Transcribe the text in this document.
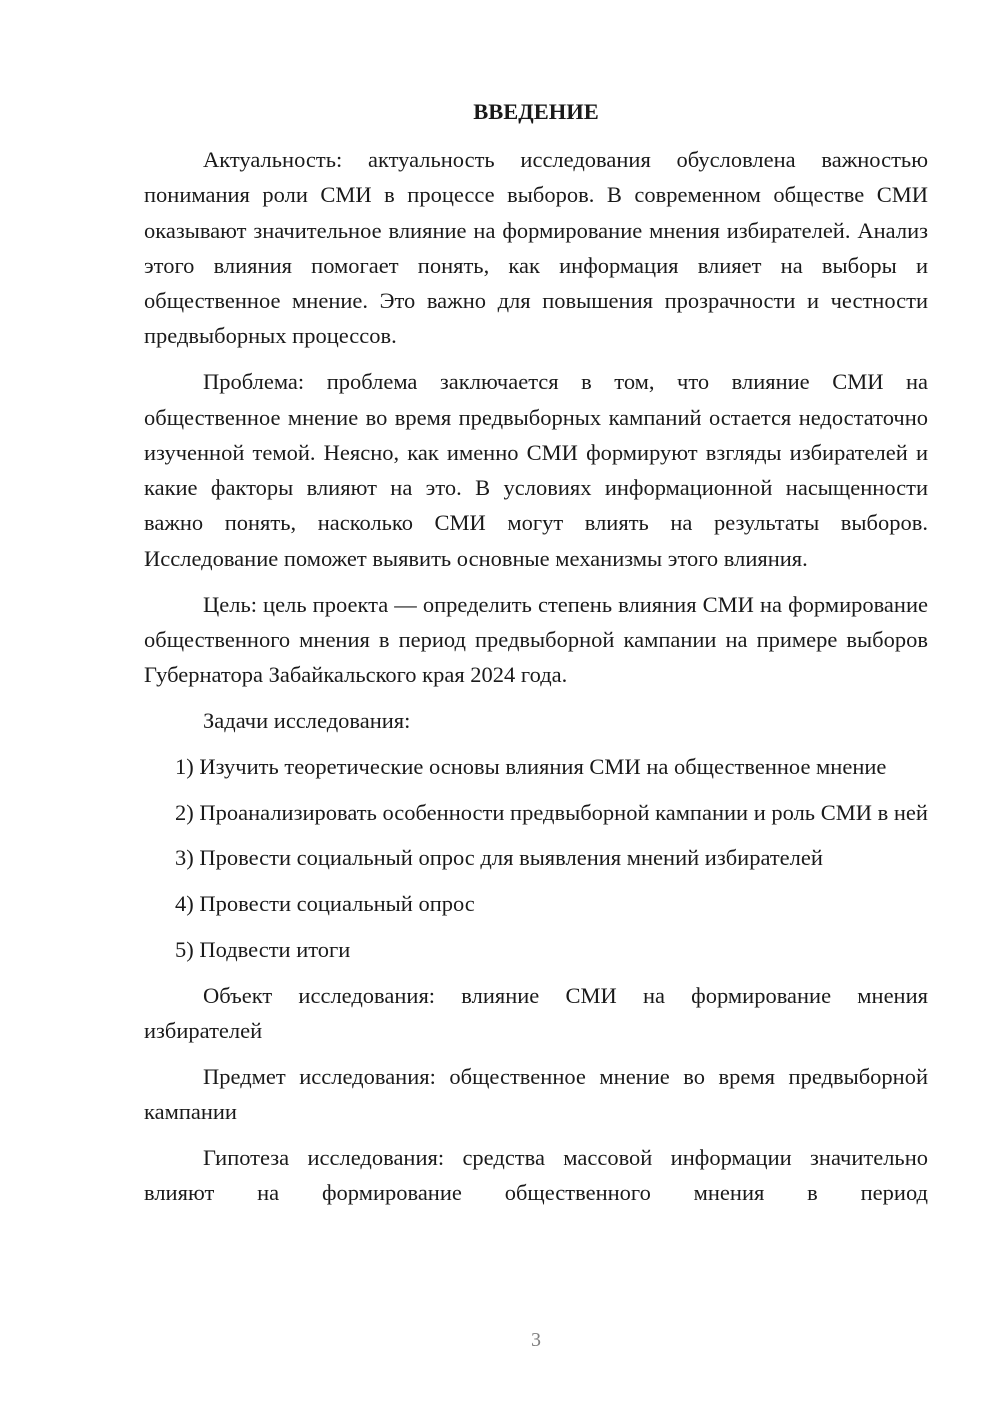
ВВЕДЕНИЕ

Актуальность: актуальность исследования обусловлена важностью понимания роли СМИ в процессе выборов. В современном обществе СМИ оказывают значительное влияние на формирование мнения избирателей. Анализ этого влияния помогает понять, как информация влияет на выборы и общественное мнение. Это важно для повышения прозрачности и честности предвыборных процессов.

Проблема: проблема заключается в том, что влияние СМИ на общественное мнение во время предвыборных кампаний остается недостаточно изученной темой. Неясно, как именно СМИ формируют взгляды избирателей и какие факторы влияют на это. В условиях информационной насыщенности важно понять, насколько СМИ могут влиять на результаты выборов. Исследование поможет выявить основные механизмы этого влияния.

Цель: цель проекта — определить степень влияния СМИ на формирование общественного мнения в период предвыборной кампании на примере выборов Губернатора Забайкальского края 2024 года.

Задачи исследования:

1) Изучить теоретические основы влияния СМИ на общественное мнение

2) Проанализировать особенности предвыборной кампании и роль СМИ в ней

3) Провести социальный опрос для выявления мнений избирателей

4) Провести социальный опрос

5) Подвести итоги

Объект исследования: влияние СМИ на формирование мнения избирателей

Предмет исследования: общественное мнение во время предвыборной кампании

Гипотеза исследования: средства массовой информации значительно влияют на формирование общественного мнения в период

3
